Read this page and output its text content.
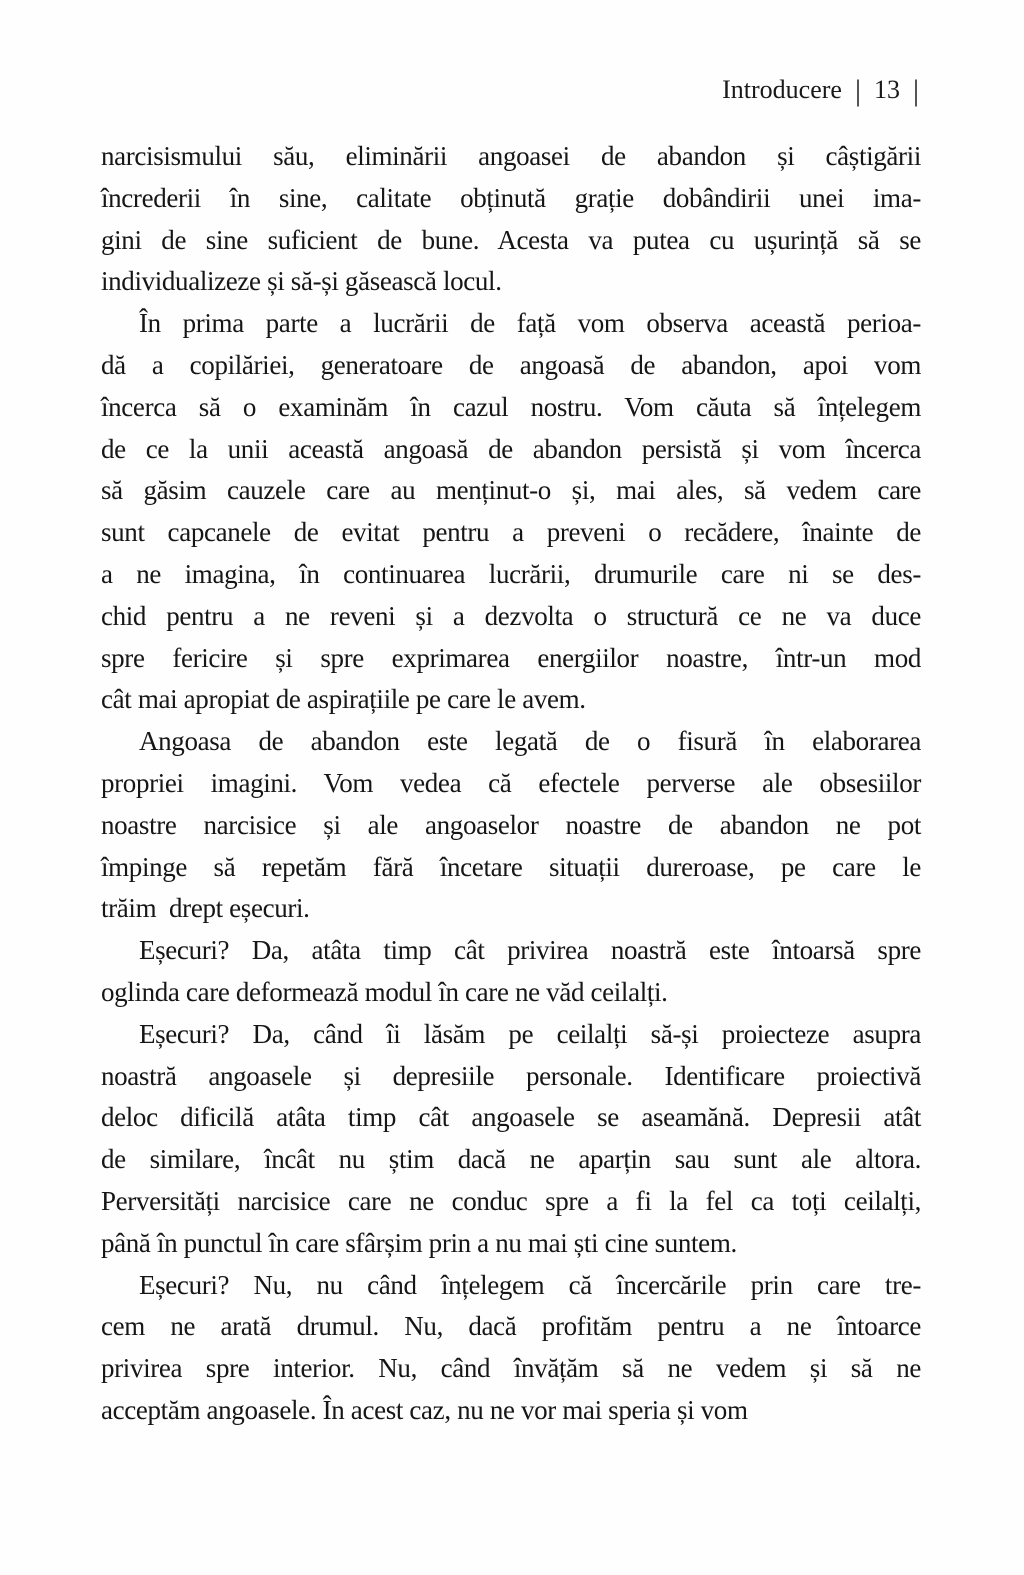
Introducere | 13 |
narcisismului său, eliminării angoasei de abandon și câștigării
încrederii în sine, calitate obținută grație dobândirii unei ima-
gini de sine suficient de bune. Acesta va putea cu ușurință să se
individualizeze și să-și găsească locul.
În prima parte a lucrării de față vom observa această perioa-
dă a copilăriei, generatoare de angoasă de abandon, apoi vom
încerca să o examinăm în cazul nostru. Vom căuta să înțelegem
de ce la unii această angoasă de abandon persistă și vom încerca
să găsim cauzele care au menținut-o și, mai ales, să vedem care
sunt capcanele de evitat pentru a preveni o recădere, înainte de
a ne imagina, în continuarea lucrării, drumurile care ni se des-
chid pentru a ne reveni și a dezvolta o structură ce ne va duce
spre fericire și spre exprimarea energiilor noastre, într-un mod
cât mai apropiat de aspirațiile pe care le avem.
Angoasa de abandon este legată de o fisură în elaborarea
propriei imagini. Vom vedea că efectele perverse ale obsesiilor
noastre narcisice și ale angoaselor noastre de abandon ne pot
împinge să repetăm fără încetare situații dureroase, pe care le
trăim  drept eșecuri.
Eșecuri? Da, atâta timp cât privirea noastră este întoarsă spre
oglinda care deformează modul în care ne văd ceilalți.
Eșecuri? Da, când îi lăsăm pe ceilalți să-și proiecteze asupra
noastră angoasele și depresiile personale. Identificare proiectivă
deloc dificilă atâta timp cât angoasele se aseamănă. Depresii atât
de similare, încât nu știm dacă ne aparțin sau sunt ale altora.
Perversități narcisice care ne conduc spre a fi la fel ca toți ceilalți,
până în punctul în care sfârșim prin a nu mai ști cine suntem.
Eșecuri? Nu, nu când înțelegem că încercările prin care tre-
cem ne arată drumul. Nu, dacă profităm pentru a ne întoarce
privirea spre interior. Nu, când învățăm să ne vedem și să ne
acceptăm angoasele. În acest caz, nu ne vor mai speria și vom
